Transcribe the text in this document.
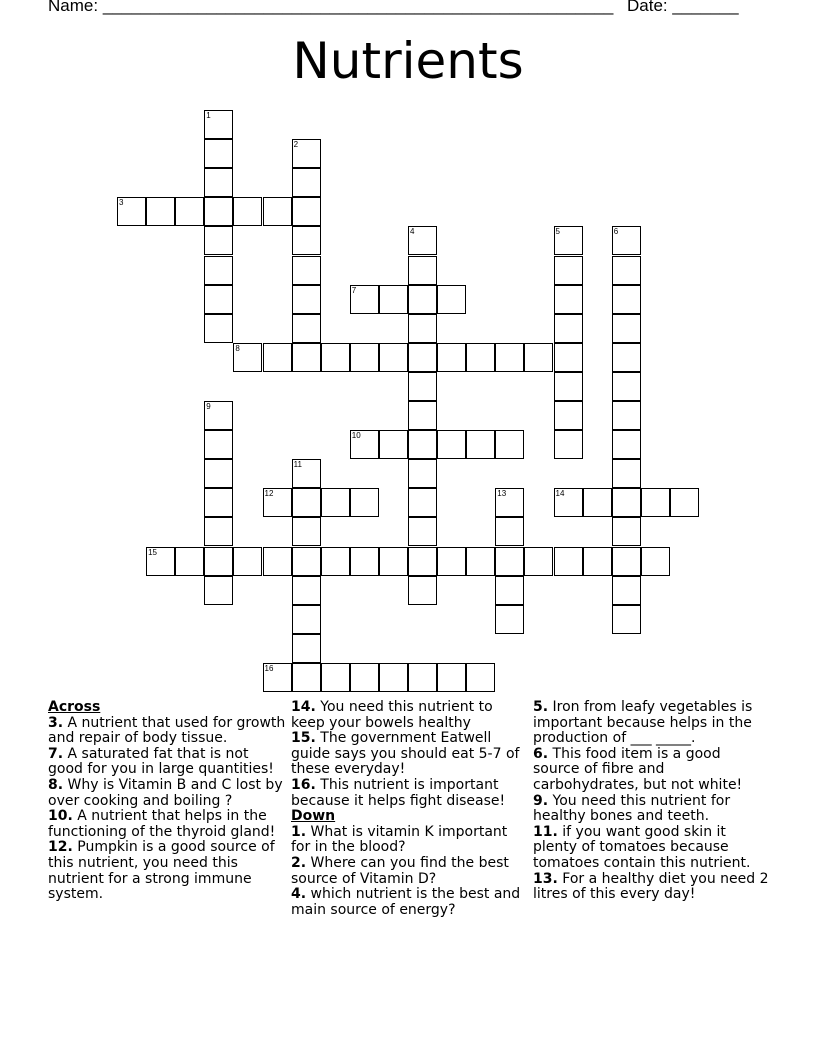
Name: ______________________________________________________ Date: _______
Nutrients
1
2
3
4	5	6
7
8
9
10
11
12	13	14
15
16
Across
3. A nutrient that used for growth and repair of body tissue.
7. A saturated fat that is not good for you in large quantities!
8. Why is Vitamin B and C lost by over cooking and boiling ?
10. A nutrient that helps in the functioning of the thyroid gland!
12. Pumpkin is a good source of this nutrient, you need this nutrient for a strong immune system.
14. You need this nutrient to keep your bowels healthy
15. The government Eatwell guide says you should eat 5-7 of these everyday!
16. This nutrient is important because it helps fight disease!
Down
1. What is vitamin K important for in the blood?
2. Where can you find the best source of Vitamin D?
4. which nutrient is the best and main source of energy?
5. Iron from leafy vegetables is important because helps in the production of ___ _____.
6. This food item is a good source of fibre and carbohydrates, but not white!
9. You need this nutrient for healthy bones and teeth.
11. if you want good skin it plenty of tomatoes because tomatoes contain this nutrient.
13. For a healthy diet you need 2 litres of this every day!
